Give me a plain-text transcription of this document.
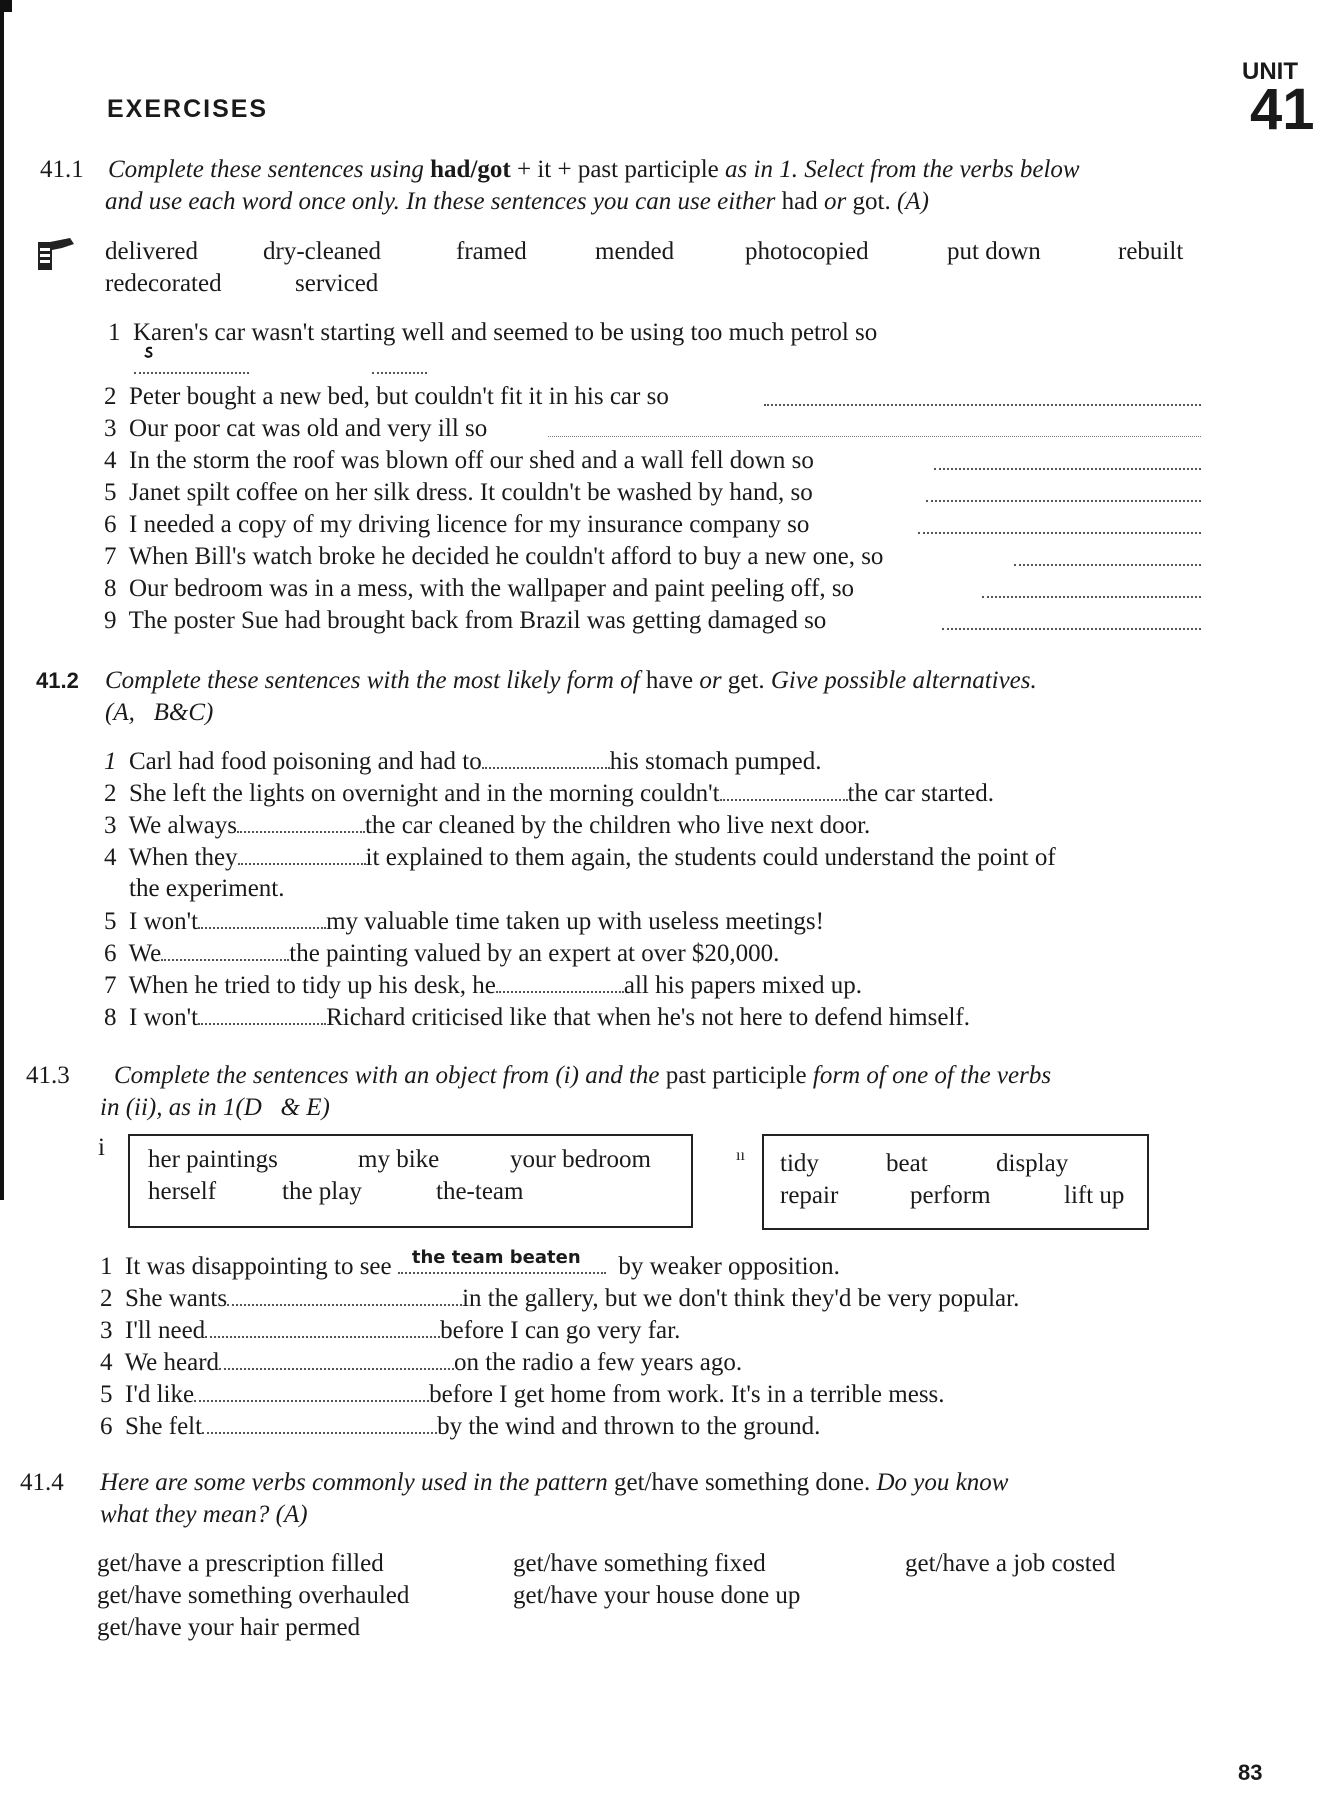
EXERCISES
UNIT
41
41.1 Complete these sentences using had/got + it + past participle as in 1. Select from the verbs below
and use each word once only. In these sentences you can use either had or got. (A)
delivered	dry-cleaned	framed	mended	photocopied	put down	rebuilt
redecorated	serviced
1 Karen's car wasn't starting well and seemed to be using too much petrol so
2 Peter bought a new bed, but couldn't fit it in his car so
3 Our poor cat was old and very ill so
4 In the storm the roof was blown off our shed and a wall fell down so
5 Janet spilt coffee on her silk dress. It couldn't be washed by hand, so
6 I needed a copy of my driving licence for my insurance company so
7 When Bill's watch broke he decided he couldn't afford to buy a new one, so
8 Our bedroom was in a mess, with the wallpaper and paint peeling off, so
9 The poster Sue had brought back from Brazil was getting damaged so
41.2 Complete these sentences with the most likely form of have or get. Give possible alternatives.
(A,   B&C)
1 Carl had food poisoning and had to	his stomach pumped.
2 She left the lights on overnight and in the morning couldn't	the car started.
3 We always	the car cleaned by the children who live next door.
4 When they	it explained to them again, the students could understand the point of
the experiment.
5 I won't	my valuable time taken up with useless meetings!
6 We	the painting valued by an expert at over $20,000.
7 When he tried to tidy up his desk, he	all his papers mixed up.
8 I won't	Richard criticised like that when he's not here to defend himself.
41.3 Complete the sentences with an object from (i) and the past participle form of one of the verbs
in (ii), as in 1(D   & E)
i her paintings	my bike	your bedroom
herself	the play	the-team
ıı tidy	beat	display
repair	perform	lift up
1 It was disappointing to see the team beaten by weaker opposition.
2 She wants	in the gallery, but we don't think they'd be very popular.
3 I'll need	before I can go very far.
4 We heard	on the radio a few years ago.
5 I'd like	before I get home from work. It's in a terrible mess.
6 She felt	by the wind and thrown to the ground.
41.4 Here are some verbs commonly used in the pattern get/have something done. Do you know
what they mean? (A)
get/have a prescription filled	get/have something fixed	get/have a job costed
get/have something overhauled	get/have your house done up
get/have your hair permed
83
